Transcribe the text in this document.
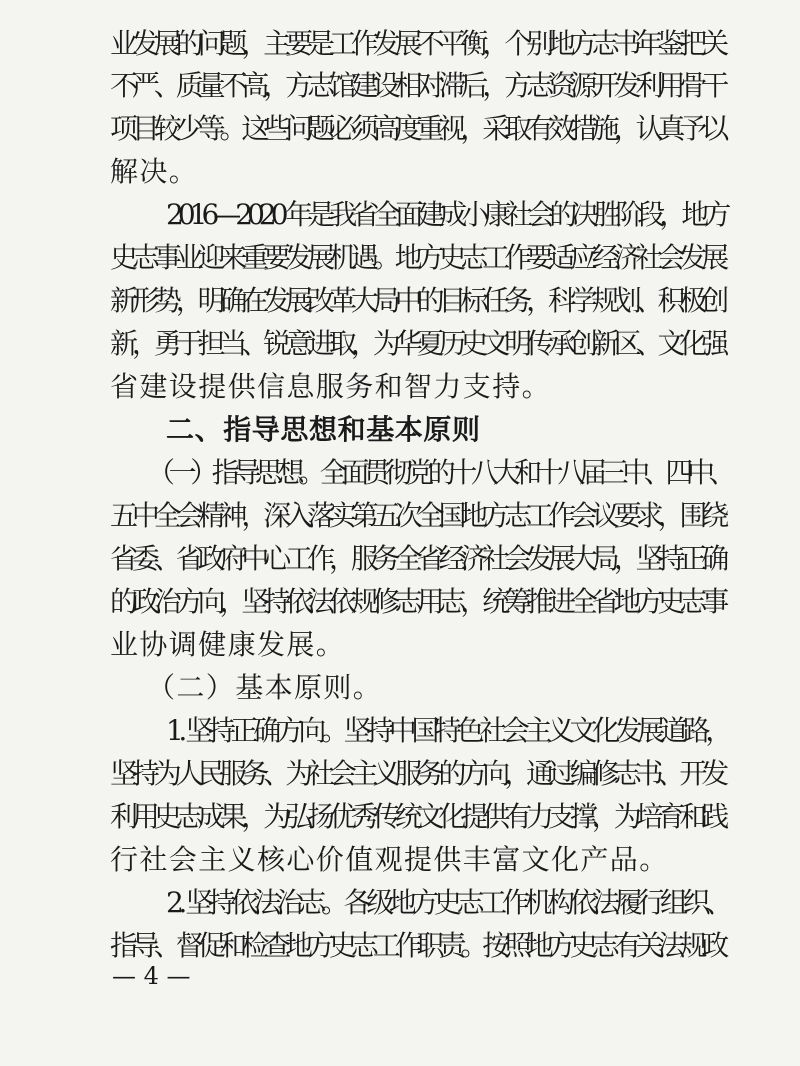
业发展的问题，主要是工作发展不平衡，个别地方志书年鉴把关
不严、质量不高，方志馆建设相对滞后，方志资源开发利用骨干
项目较少等。这些问题必须高度重视，采取有效措施，认真予以
解决。
2016—2020 年是我省全面建成小康社会的决胜阶段，地方
史志事业迎来重要发展机遇。地方史志工作要适应经济社会发展
新形势，明确在发展改革大局中的目标任务，科学规划、积极创
新，勇于担当、锐意进取，为华夏历史文明传承创新区、文化强
省建设提供信息服务和智力支持。
二、指导思想和基本原则
（一）指导思想。全面贯彻党的十八大和十八届三中、四中、
五中全会精神，深入落实第五次全国地方志工作会议要求，围绕
省委、省政府中心工作，服务全省经济社会发展大局，坚持正确
的政治方向，坚持依法依规修志用志，统筹推进全省地方史志事
业协调健康发展。
（二）基本原则。
1. 坚持正确方向。坚持中国特色社会主义文化发展道路，
坚持为人民服务、为社会主义服务的方向，通过编修志书、开发
利用史志成果，为弘扬优秀传统文化提供有力支撑，为培育和践
行社会主义核心价值观提供丰富文化产品。
2. 坚持依法治志。各级地方史志工作机构依法履行组织、
指导、督促和检查地方史志工作职责。按照地方史志有关法规政
— 4 —
